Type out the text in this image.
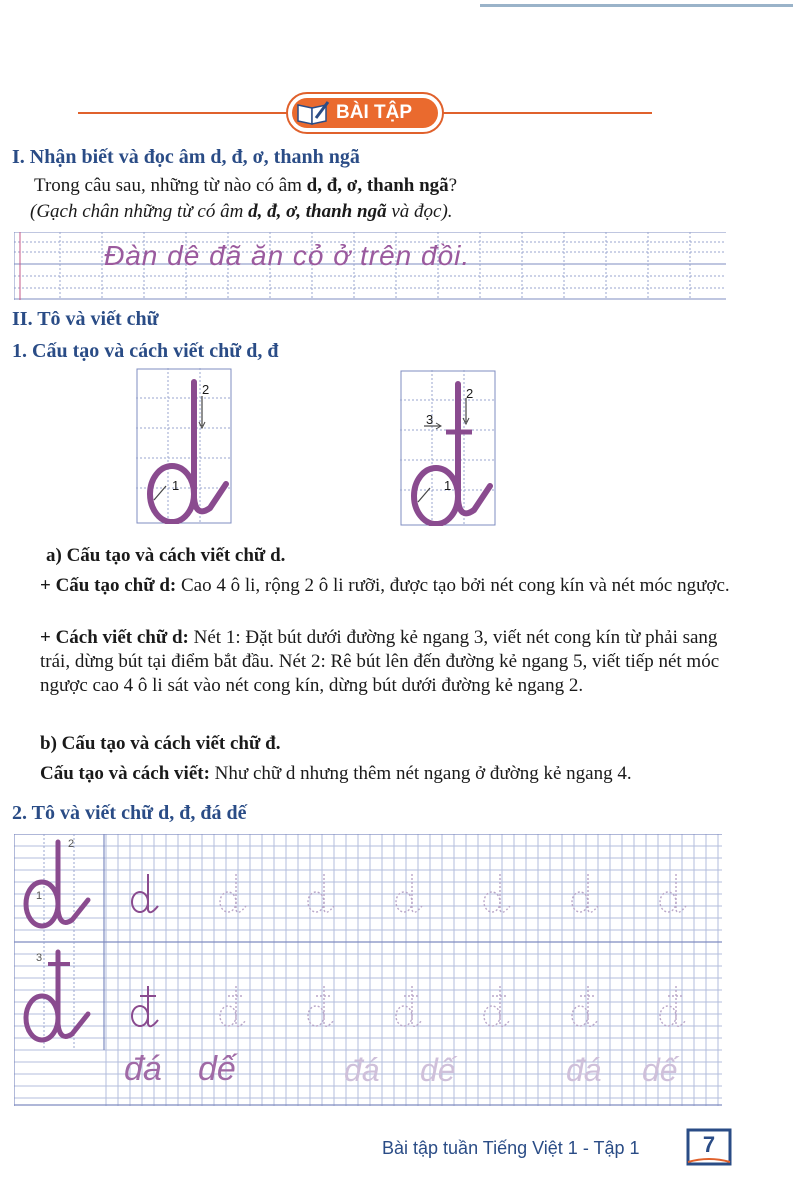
BÀI TẬP
I. Nhận biết và đọc âm d, đ, ơ, thanh ngã
Trong câu sau, những từ nào có âm d, đ, ơ, thanh ngã?
(Gạch chân những từ có âm d, đ, ơ, thanh ngã và đọc).
Đàn dê đã ăn cỏ ở trên đồi.
II. Tô và viết chữ
1. Cấu tạo và cách viết chữ d, đ
2
1
2
3
1
a) Cấu tạo và cách viết chữ d.
+ Cấu tạo chữ d: Cao 4 ô li, rộng 2 ô li rưỡi, được tạo bởi nét cong kín và nét móc ngược.
+ Cách viết chữ d: Nét 1: Đặt bút dưới đường kẻ ngang 3, viết nét cong kín từ phải sang trái, dừng bút tại điểm bắt đầu. Nét 2: Rê bút lên đến đường kẻ ngang 5, viết tiếp nét móc ngược cao 4 ô li sát vào nét cong kín, dừng bút dưới đường kẻ ngang 2.
b) Cấu tạo và cách viết chữ đ.
Cấu tạo và cách viết: Như chữ d nhưng thêm nét ngang ở đường kẻ ngang 4.
2. Tô và viết chữ d, đ, đá dế
2
3
1
đá dế	đá dế	đá dế
Bài tập tuần Tiếng Việt 1 - Tập 1	7
